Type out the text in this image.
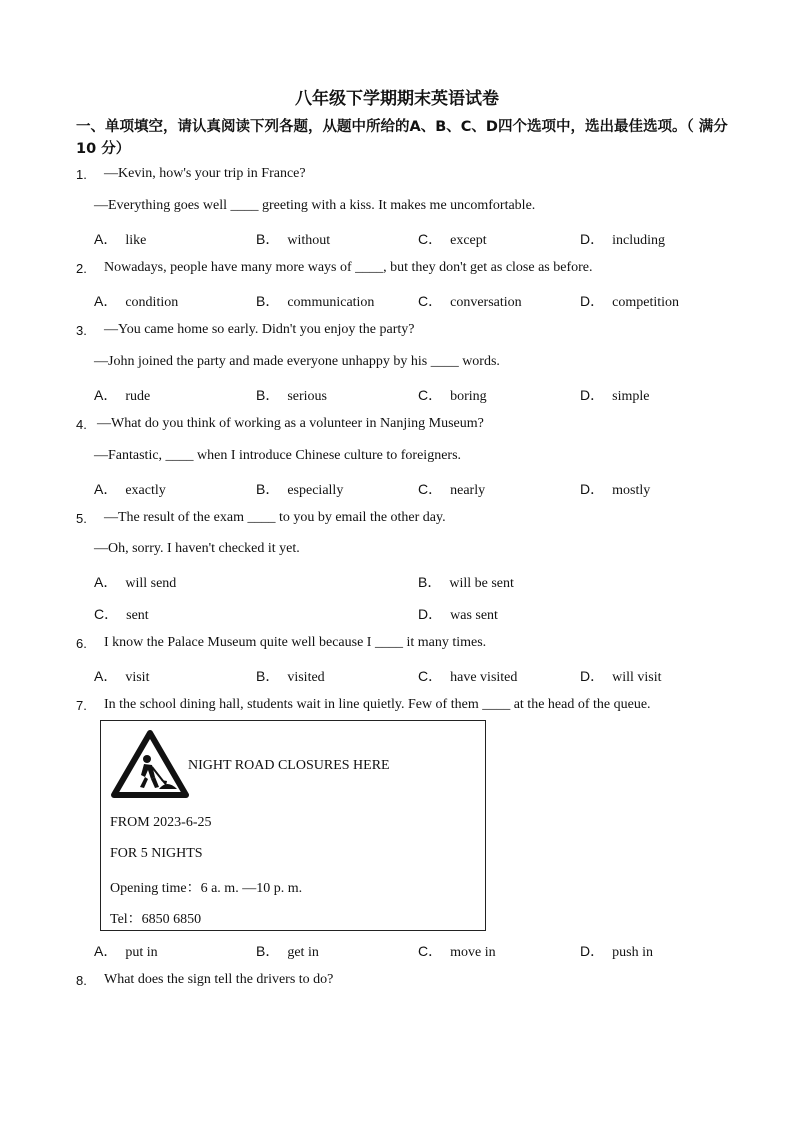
八年级下学期期末英语试卷

一、单项填空，请认真阅读下列各题，从题中所给的A、B、C、D四个选项中，选出最佳选项。（ 满分 10 分）

1. —Kevin, how's your trip in France?
—Everything goes well ____ greeting with a kiss. It makes me uncomfortable.
A． like	B． without	C． except	D． including
2. Nowadays, people have many more ways of ____, but they don't get as close as before.
A． condition	B． communication	C． conversation	D． competition
3. —You came home so early. Didn't you enjoy the party?
—John joined the party and made everyone unhappy by his ____ words.
A． rude	B． serious	C． boring	D． simple
4. —What do you think of working as a volunteer in Nanjing Museum?
—Fantastic, ____ when I introduce Chinese culture to foreigners.
A． exactly	B． especially	C． nearly	D． mostly
5. —The result of the exam ____ to you by email the other day.
—Oh, sorry. I haven't checked it yet.
A． will send	B． will be sent
C． sent	D． was sent
6. I know the Palace Museum quite well because I ____ it many times.
A． visit	B． visited	C． have visited	D． will visit
7. In the school dining hall, students wait in line quietly. Few of them ____ at the head of the queue.
NIGHT ROAD CLOSURES HERE
FROM 2023-6-25
FOR 5 NIGHTS
Opening time：6 a. m. —10 p. m.
Tel：6850 6850
A． put in	B． get in	C． move in	D． push in
8. What does the sign tell the drivers to do?
